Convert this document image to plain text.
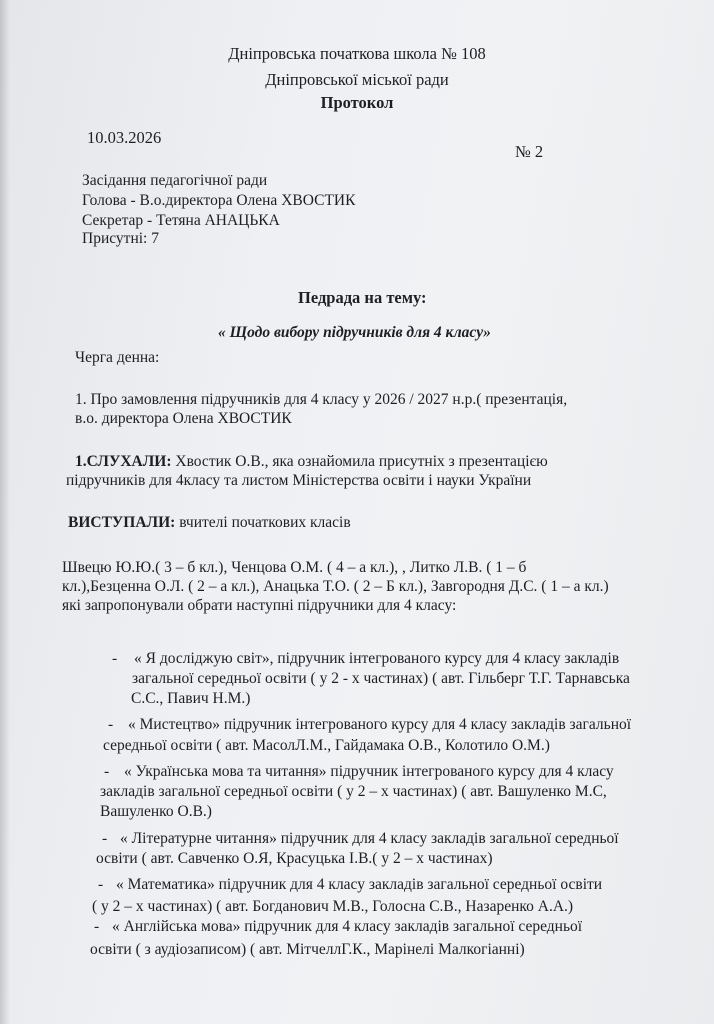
Дніпровська початкова школа № 108
Дніпровської міської ради
Протокол
10.03.2026
№ 2
Засідання педагогічної ради
Голова - В.о.директора Олена ХВОСТИК
Секретар - Тетяна АНАЦЬКА
Присутні: 7
Педрада на тему:
« Щодо вибору підручників для 4 класу»
Черга денна:
1. Про замовлення підручників для 4 класу у 2026 / 2027 н.р.( презентація,
в.о. директора Олена ХВОСТИК
1.СЛУХАЛИ: Хвостик О.В., яка ознайомила присутніх з презентацією
підручників для 4класу та листом Міністерства освіти і науки України
ВИСТУПАЛИ: вчителі початкових класів
Швецю Ю.Ю.( 3 – б кл.), Ченцова О.М. ( 4 – а кл.), , Литко Л.В. ( 1 – б
кл.),Безценна О.Л. ( 2 – а кл.), Анацька Т.О. ( 2 – Б кл.), Завгородня Д.С. ( 1 – а кл.)
які запропонували обрати наступні підручники для 4 класу:
- « Я досліджую світ», підручник інтегрованого курсу для 4 класу закладів
загальної середньої освіти ( у 2 - х частинах) ( авт. Гільберг Т.Г. Тарнавська
С.С., Павич Н.М.)
- « Мистецтво» підручник інтегрованого курсу для 4 класу закладів загальної
середньої освіти ( авт. МасолЛ.М., Гайдамака О.В., Колотило О.М.)
- « Українська мова та читання» підручник інтегрованого курсу для 4 класу
закладів загальної середньої освіти ( у 2 – х частинах) ( авт. Вашуленко М.С,
Вашуленко О.В.)
- « Літературне читання» підручник для 4 класу закладів загальної середньої
освіти ( авт. Савченко О.Я, Красуцька І.В.( у 2 – х частинах)
- « Математика» підручник для 4 класу закладів загальної середньої освіти
( у 2 – х частинах) ( авт. Богданович М.В., Голосна С.В., Назаренко А.А.)
- « Англійська мова» підручник для 4 класу закладів загальної середньої
освіти ( з аудіозаписом) ( авт. МітчеллГ.К., Марінелі Малкогіанні)
